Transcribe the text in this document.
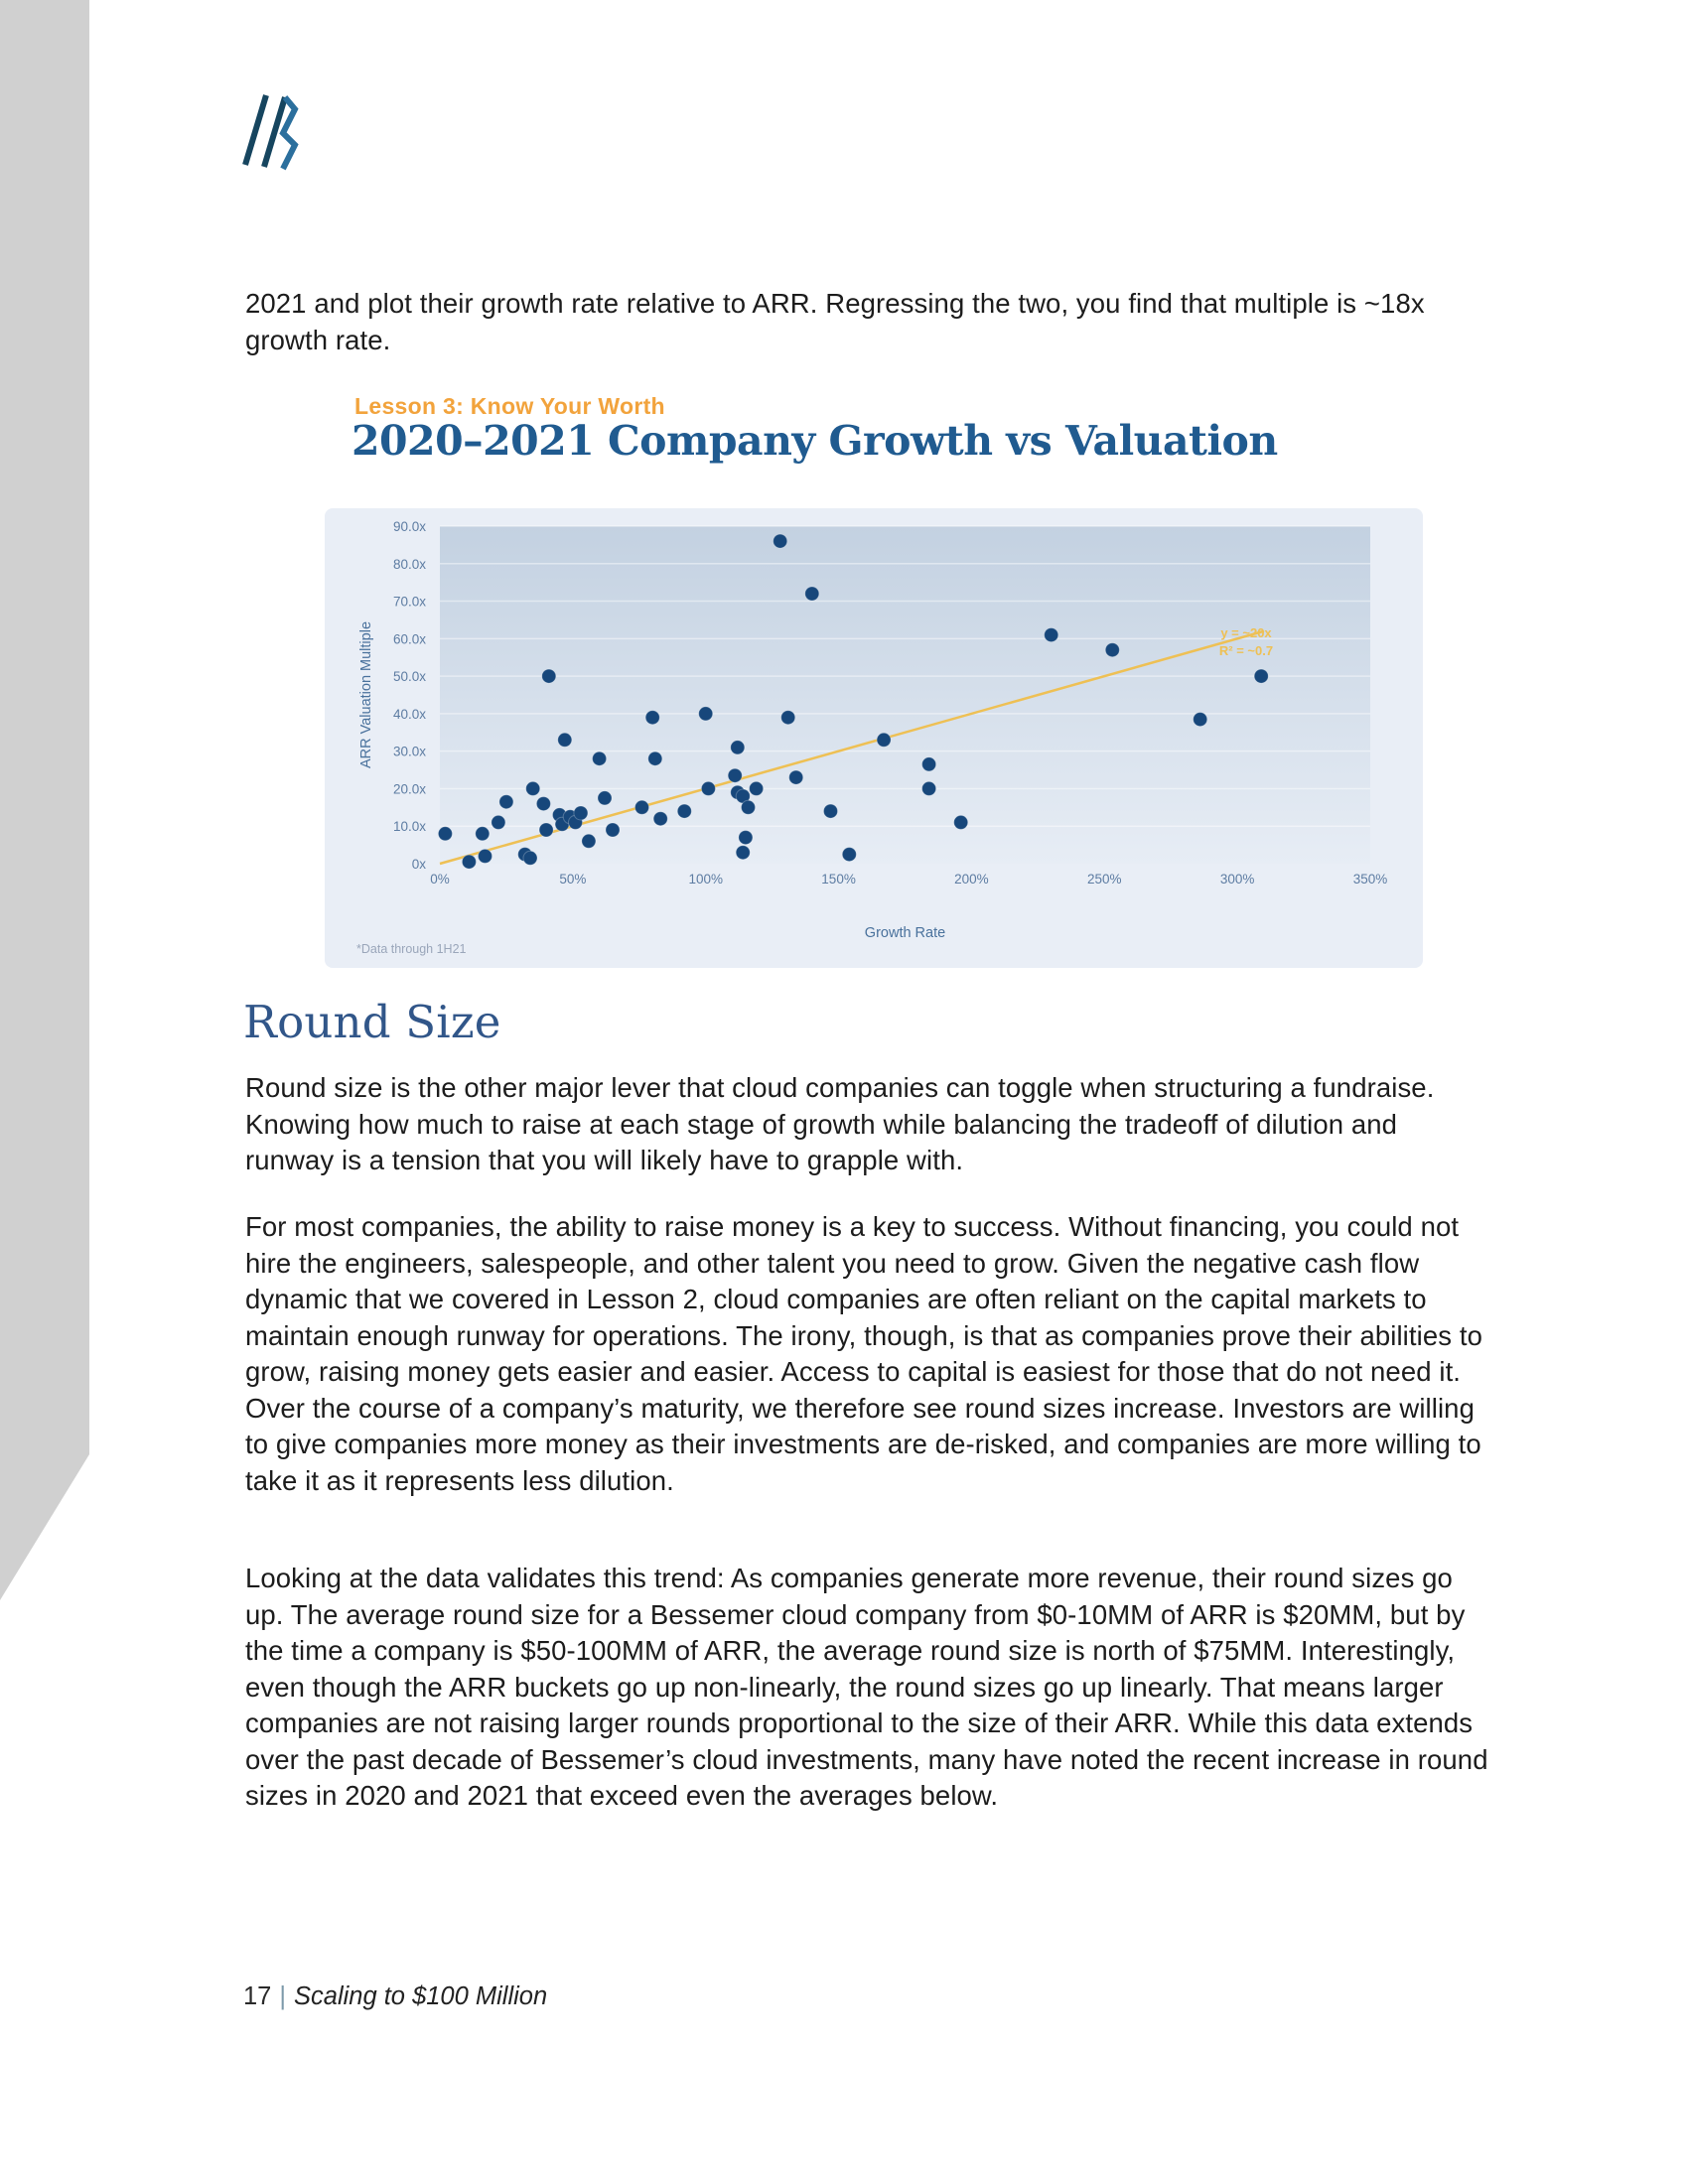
2021 and plot their growth rate relative to ARR. Regressing the two, you find that multiple is ~18x growth rate.
Lesson 3: Know Your Worth
2020–2021 Company Growth vs Valuation
90.0x
80.0x
70.0x
60.0x
50.0x
40.0x
30.0x
20.0x
10.0x
0x
0%	50%	100%	150%	200%	250%	300%	350%
y = ~20x
R² = ~0.7
ARR Valuation Multiple
Growth Rate
*Data through 1H21
Round Size
Round size is the other major lever that cloud companies can toggle when structuring a fundraise. Knowing how much to raise at each stage of growth while balancing the tradeoff of dilution and runway is a tension that you will likely have to grapple with.
For most companies, the ability to raise money is a key to success. Without financing, you could not hire the engineers, salespeople, and other talent you need to grow. Given the negative cash flow dynamic that we covered in Lesson 2, cloud companies are often reliant on the capital markets to maintain enough runway for operations. The irony, though, is that as companies prove their abilities to grow, raising money gets easier and easier. Access to capital is easiest for those that do not need it. Over the course of a company’s maturity, we therefore see round sizes increase. Investors are willing to give companies more money as their investments are de-risked, and companies are more willing to take it as it represents less dilution.
Looking at the data validates this trend: As companies generate more revenue, their round sizes go up. The average round size for a Bessemer cloud company from $0-10MM of ARR is $20MM, but by the time a company is $50-100MM of ARR, the average round size is north of $75MM. Interestingly, even though the ARR buckets go up non-linearly, the round sizes go up linearly. That means larger companies are not raising larger rounds proportional to the size of their ARR. While this data extends over the past decade of Bessemer’s cloud investments, many have noted the recent increase in round sizes in 2020 and 2021 that exceed even the averages below.
17 | Scaling to $100 Million
